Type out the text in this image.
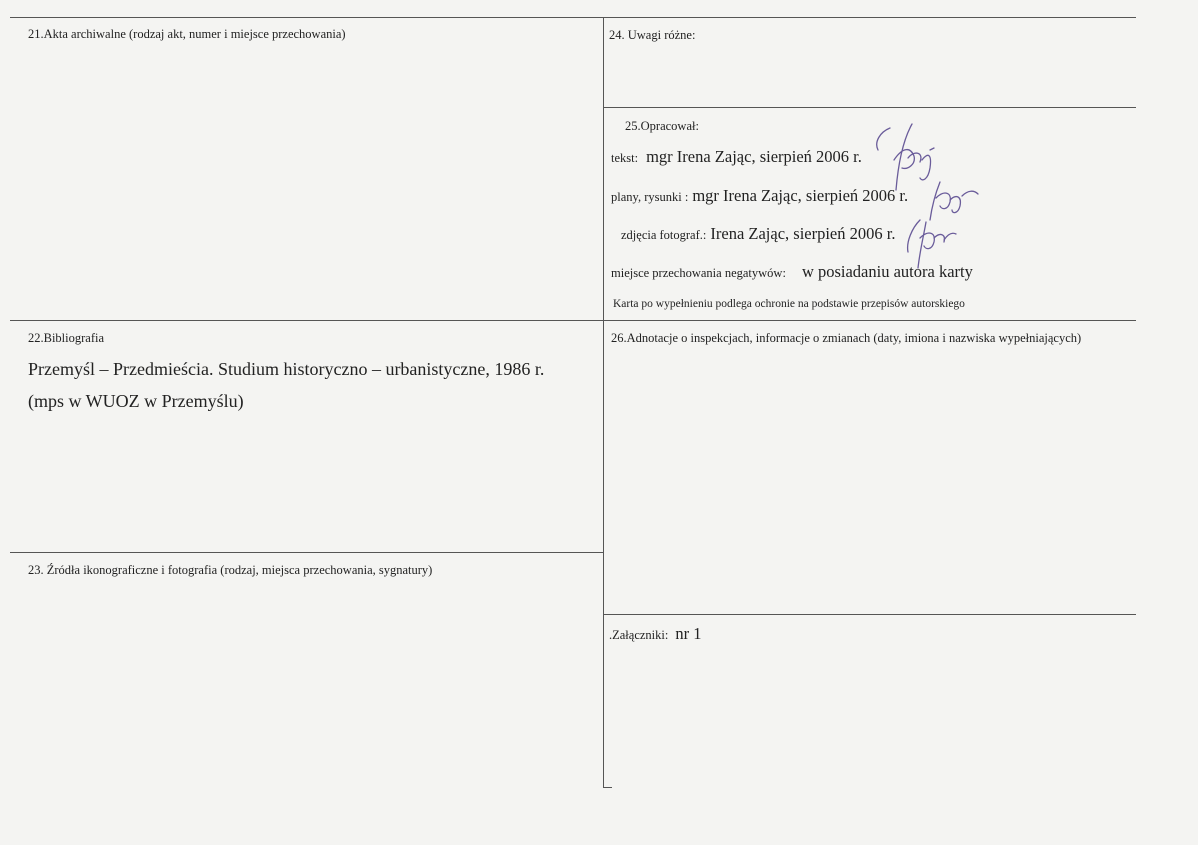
21.Akta archiwalne (rodzaj akt, numer i miejsce przechowania)	24. Uwagi różne:
25.Opracował:
tekst: mgr Irena Zając, sierpień 2006 r.
plany, rysunki : mgr Irena Zając, sierpień 2006 r.
zdjęcia fotograf.: Irena Zając, sierpień 2006 r.
miejsce przechowania negatywów: w posiadaniu autora karty
Karta po wypełnieniu podlega ochronie na podstawie przepisów autorskiego
22.Bibliografia
Przemyśl – Przedmieścia. Studium historyczno – urbanistyczne, 1986 r.
(mps w WUOZ w Przemyślu)
26.Adnotacje o inspekcjach, informacje o zmianach (daty, imiona i nazwiska wypełniających)
23. Źródła ikonograficzne i fotografia (rodzaj, miejsca przechowania, sygnatury)
.Załączniki: nr 1
